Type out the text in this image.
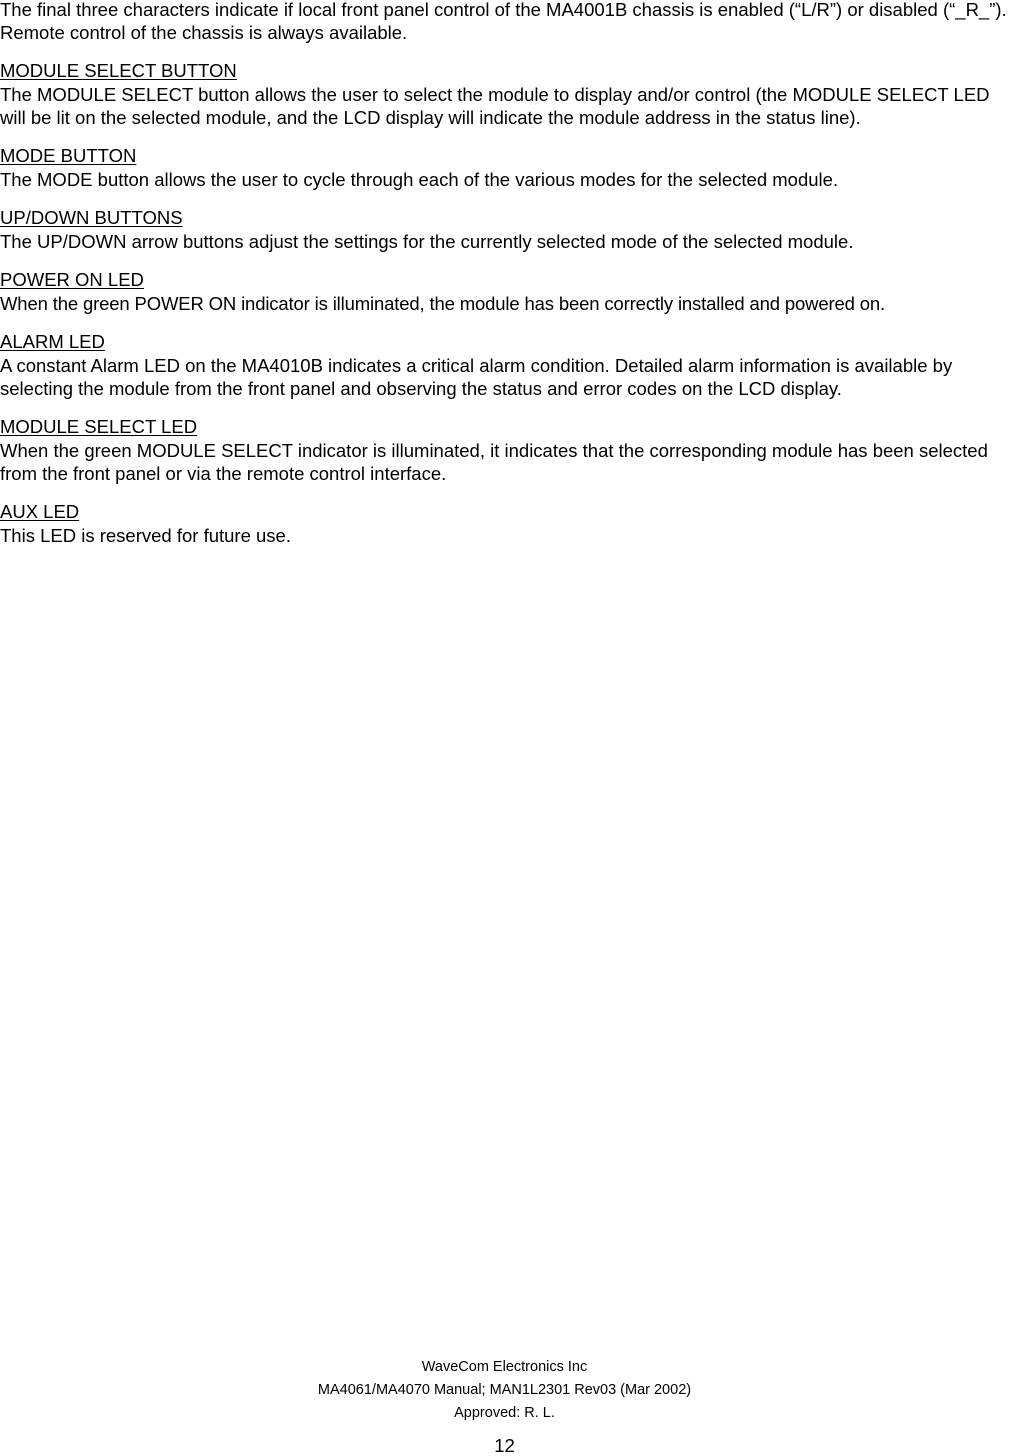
The final three characters indicate if local front panel control of the MA4001B chassis is enabled (“L/R”) or disabled (“_R_”). Remote control of the chassis is always available.

MODULE SELECT BUTTON

The MODULE SELECT button allows the user to select the module to display and/or control (the MODULE SELECT LED will be lit on the selected module, and the LCD display will indicate the module address in the status line).

MODE BUTTON

The MODE button allows the user to cycle through each of the various modes for the selected module.

UP/DOWN BUTTONS

The UP/DOWN arrow buttons adjust the settings for the currently selected mode of the selected module.

POWER ON LED

When the green POWER ON indicator is illuminated, the module has been correctly installed and powered on.

ALARM LED

A constant Alarm LED on the MA4010B indicates a critical alarm condition. Detailed alarm information is available by selecting the module from the front panel and observing the status and error codes on the LCD display.

MODULE SELECT LED

When the green MODULE SELECT indicator is illuminated, it indicates that the corresponding module has been selected from the front panel or via the remote control interface.

AUX LED

This LED is reserved for future use.

WaveCom Electronics Inc
MA4061/MA4070 Manual; MAN1L2301 Rev03 (Mar 2002)
Approved: R. L.
12
